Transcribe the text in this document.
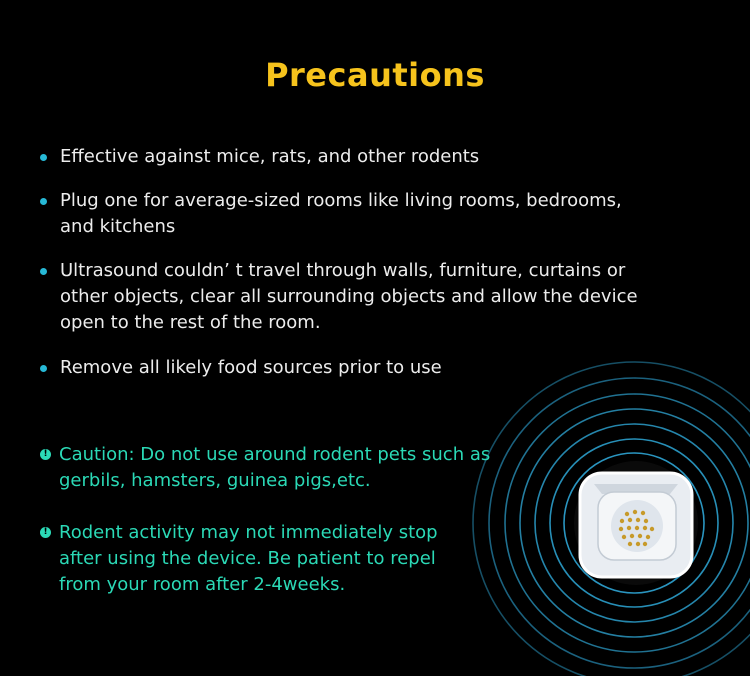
Precautions
Effective against mice, rats, and other rodents
Plug one for average-sized rooms like living rooms, bedrooms,
and kitchens
Ultrasound couldn’ t travel through walls, furniture, curtains or
other objects, clear all surrounding objects and allow the device
open to the rest of the room.
Remove all likely food sources prior to use
! Caution: Do not use around rodent pets such as
gerbils, hamsters, guinea pigs,etc.
! Rodent activity may not immediately stop
after using the device. Be patient to repel
from your room after 2-4weeks.
